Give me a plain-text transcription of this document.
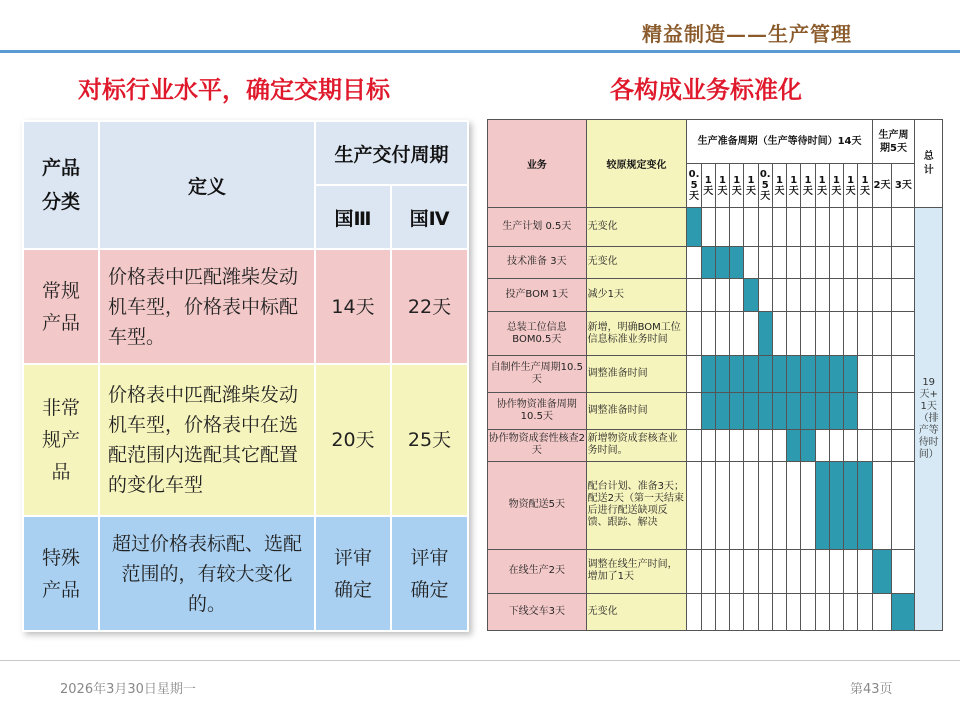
精益制造——生产管理
对标行业水平，确定交期目标	各构成业务标准化
产品分类	定义	生产交付周期	
		国Ⅲ	国Ⅳ

常规产品	价格表中匹配潍柴发动机车型，价格表中标配车型。	14天	22天

非常规产品	价格表中匹配潍柴发动机车型，价格表中在选配范围内选配其它配置的变化车型	20天	25天

特殊产品	超过价格表标配、选配范围的，有较大变化的。	评审确定	评审确定
业务	较原规定变化	生产准备周期（生产等待时间）14天													生产周期5天		总计

		0.5天	1天	1天	1天	1天	0.5天	1天	1天	1天	1天	1天	1天	1天	2天	3天	
生产计划 0.5天	无变化																19天+1天（排产等待时间）

技术准备 3天	无变化																
投产BOM 1天	减少1天																
总装工位信息BOM0.5天	新增，明确BOM工位信息标准业务时间																
自制件生产周期10.5天	调整准备时间																
协作物资准备周期10.5天	调整准备时间																
协作物资成套性核查2天	新增物资成套核查业务时间。																
物资配送5天	配台计划、准备3天；配送2天（第一天结束后进行配送缺项反馈、跟踪、解决																
在线生产2天	调整在线生产时间，增加了1天																
下线交车3天	无变化																
2026年3月30日星期一	第43页
